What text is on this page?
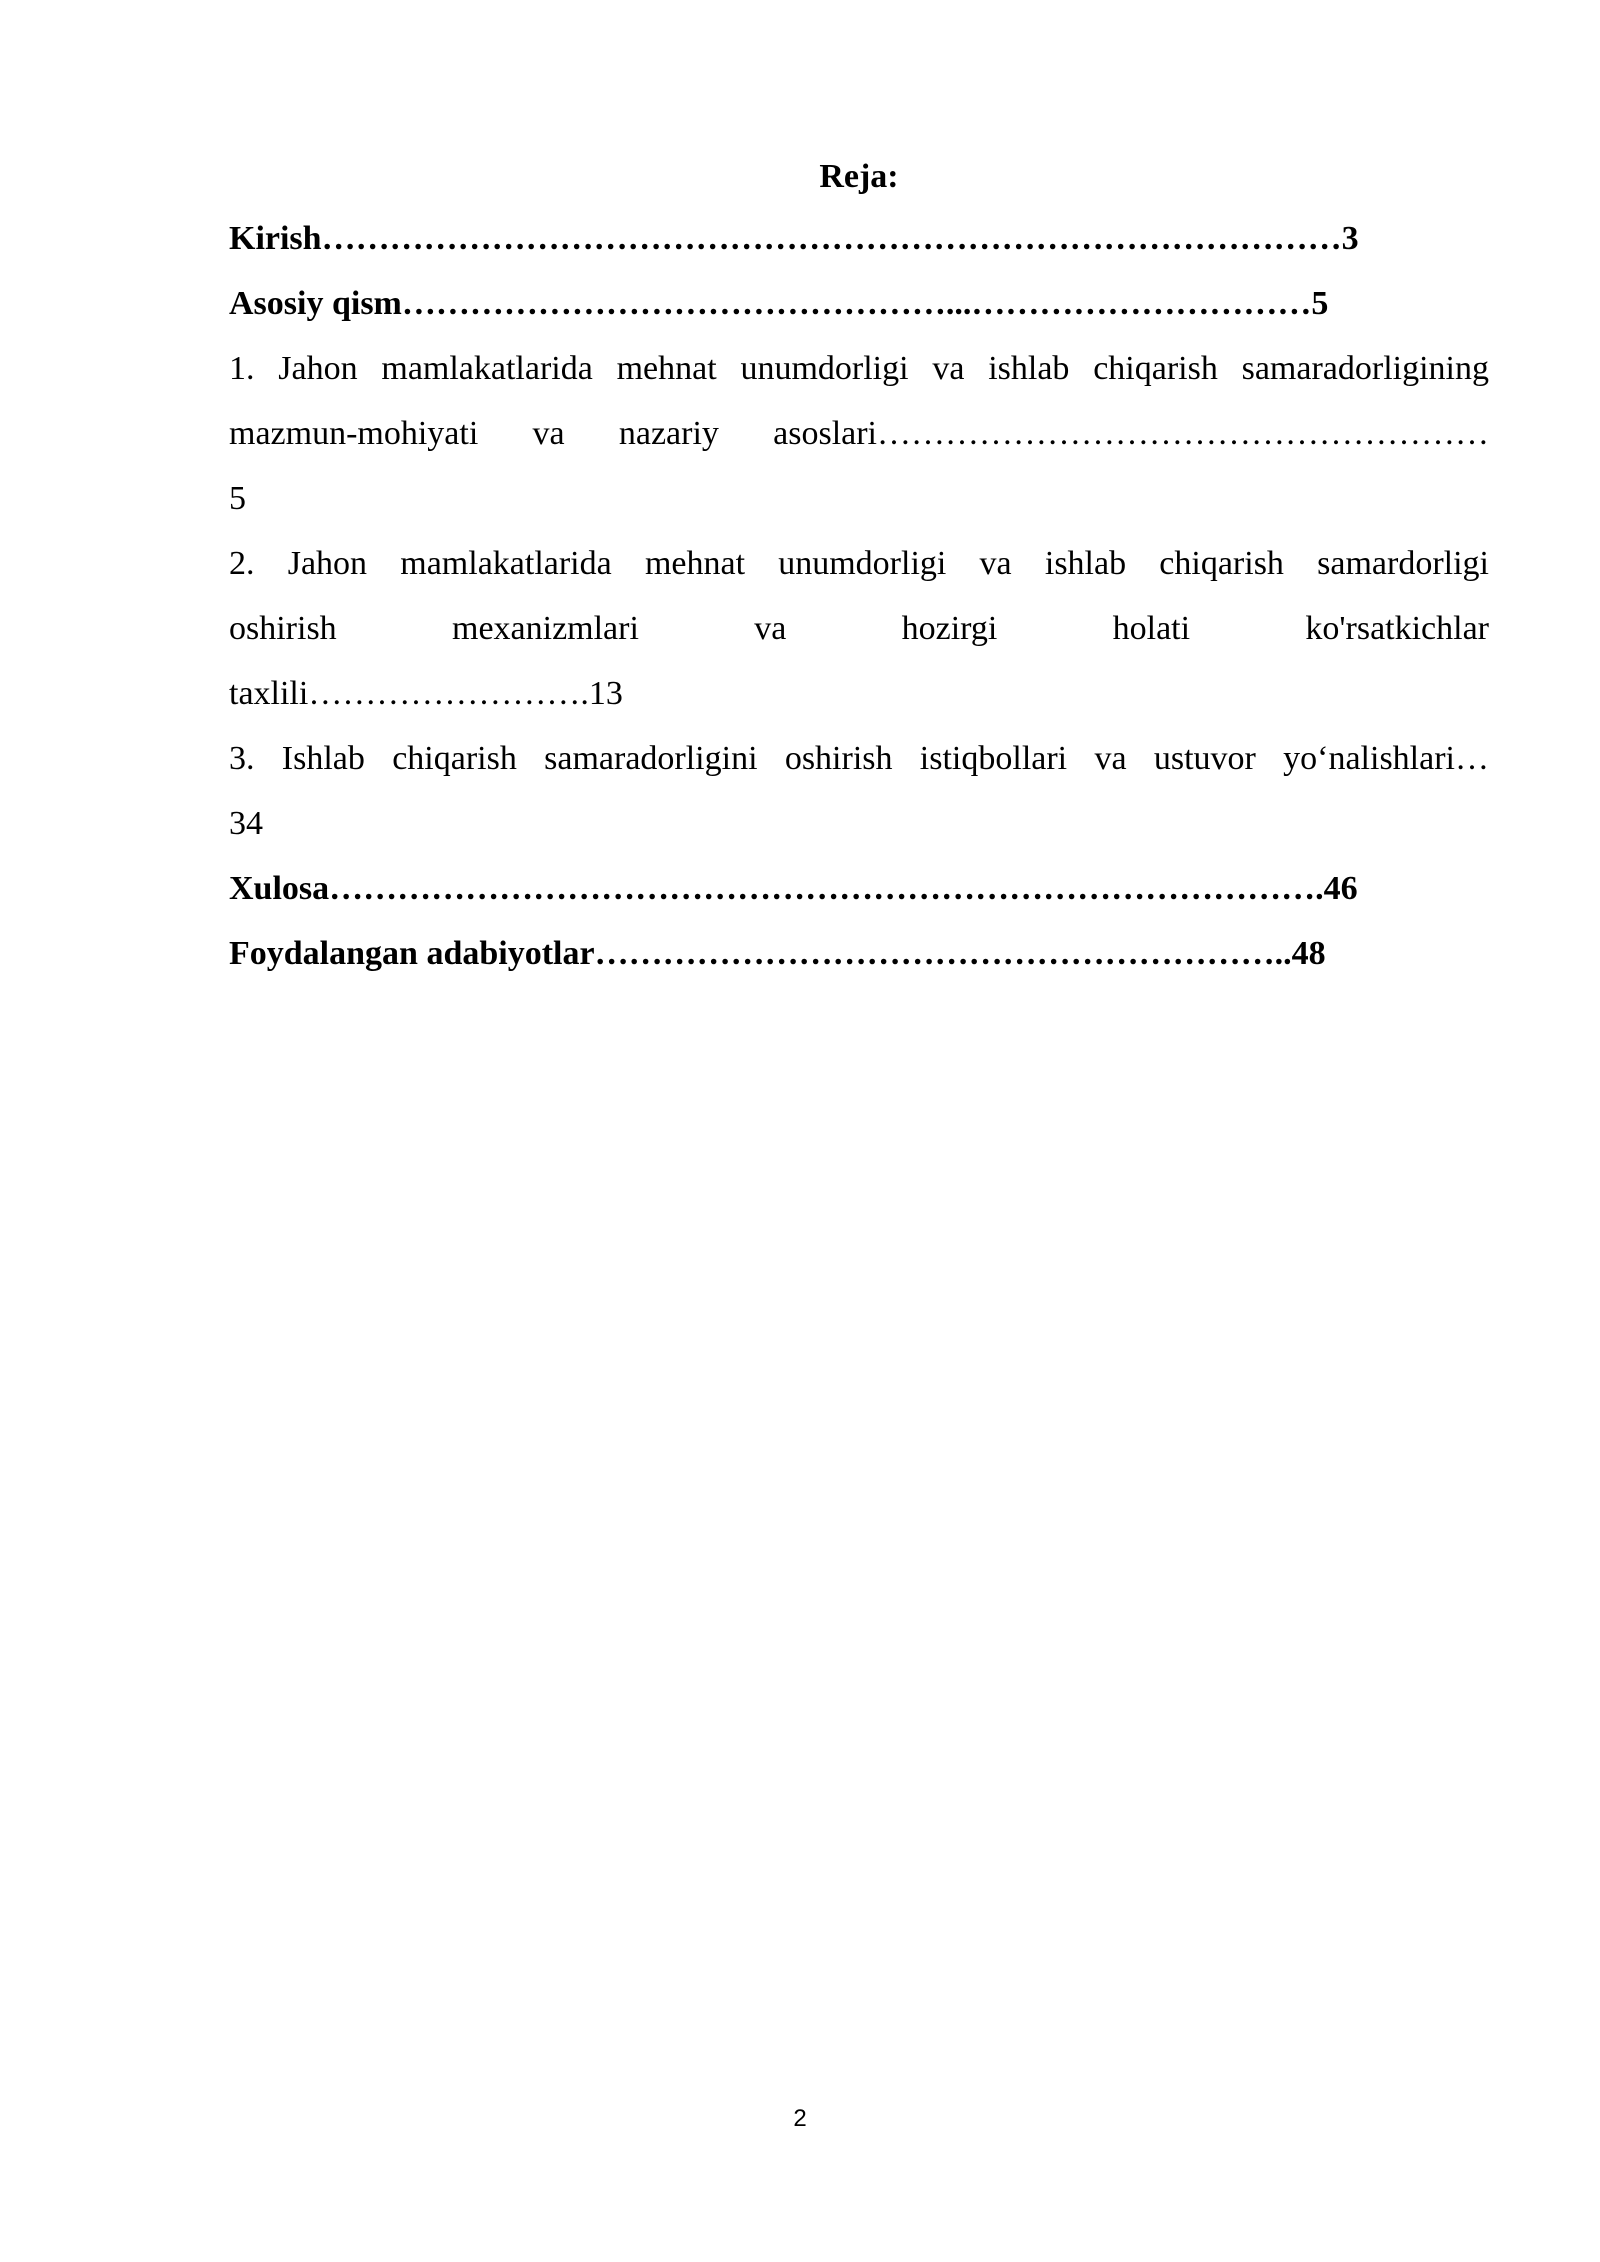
Reja:

Kirish………………………………………………………………………………3

Asosiy qism…………………………………………...…………………………5

1. Jahon mamlakatlarida mehnat unumdorligi va ishlab chiqarish samaradorligining

mazmun-mohiyati va nazariy asoslari………………………………………………

5

2. Jahon mamlakatlarida mehnat unumdorligi va ishlab chiqarish samardorligi

oshirish mexanizmlari va hozirgi holati ko'rsatkichlar

taxlili…………………….13

3. Ishlab chiqarish samaradorligini oshirish istiqbollari va ustuvor yo‘nalishlari…

34

Xulosa…………………………………………………………………………….46

Foydalangan adabiyotlar……………………………………………………..48

2
